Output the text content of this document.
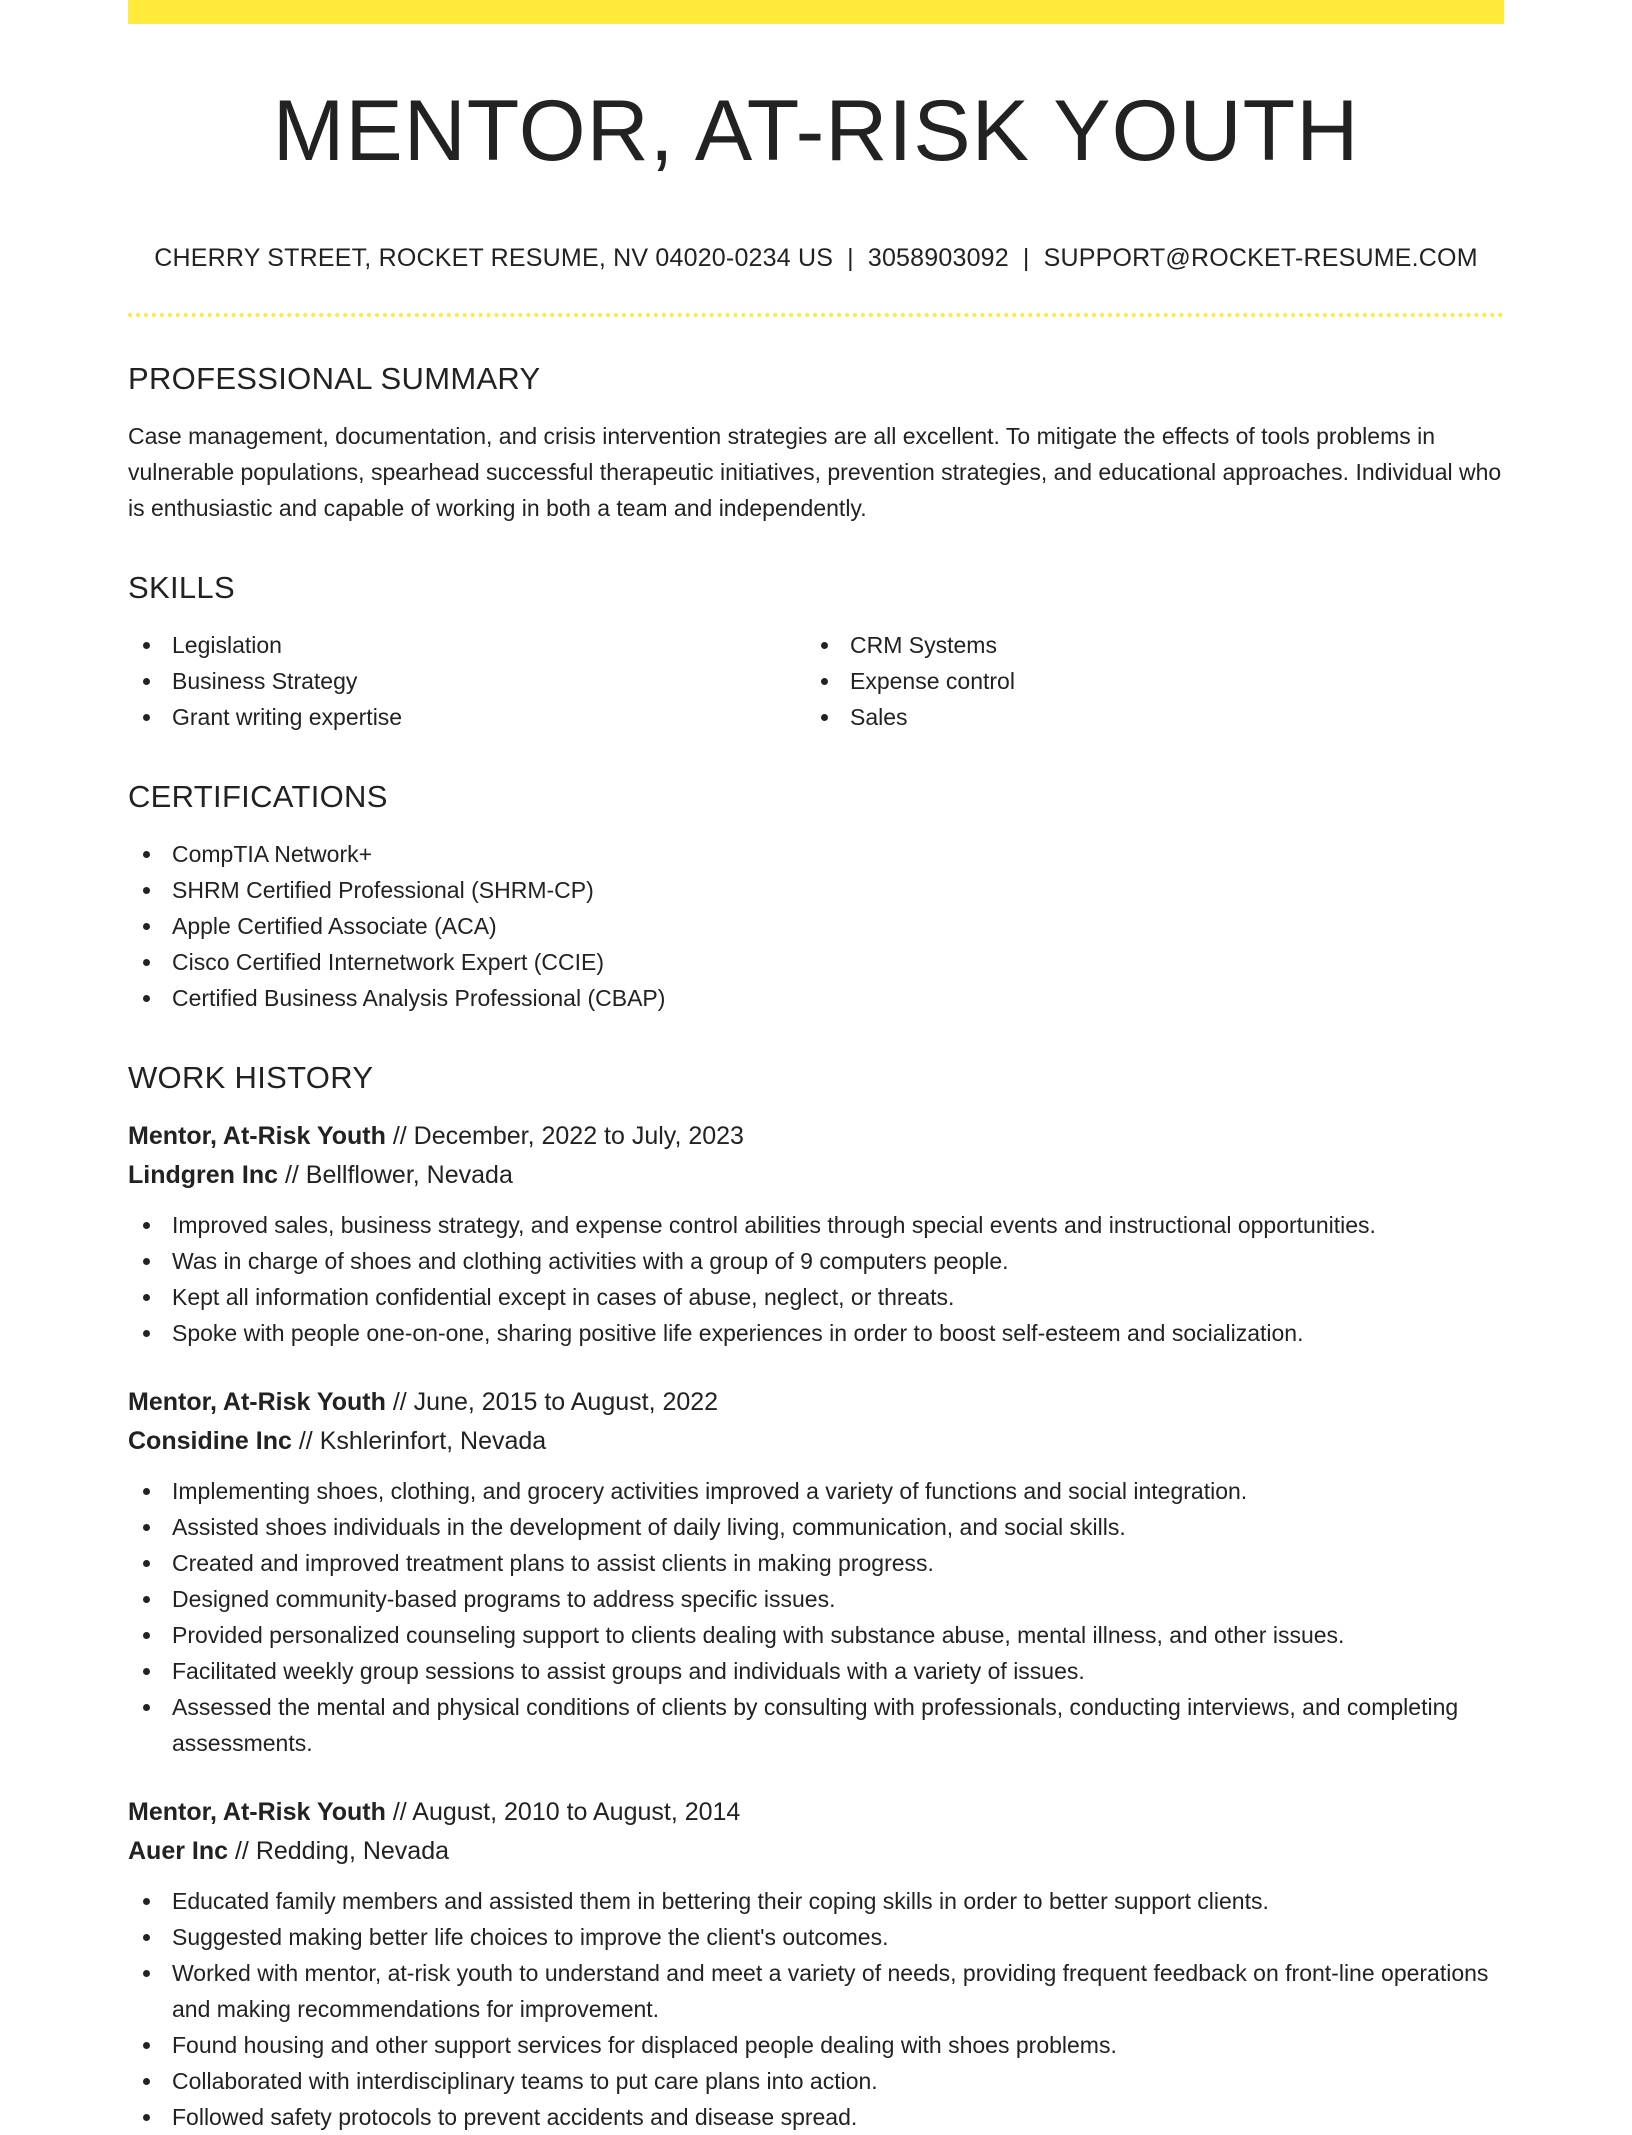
MENTOR, AT-RISK YOUTH
CHERRY STREET, ROCKET RESUME, NV 04020-0234 US | 3058903092 | SUPPORT@ROCKET-RESUME.COM
PROFESSIONAL SUMMARY

Case management, documentation, and crisis intervention strategies are all excellent. To mitigate the effects of tools problems in vulnerable populations, spearhead successful therapeutic initiatives, prevention strategies, and educational approaches. Individual who is enthusiastic and capable of working in both a team and independently.

SKILLS
Legislation
Business Strategy
Grant writing expertise
CRM Systems
Expense control
Sales
CERTIFICATIONS
CompTIA Network+
SHRM Certified Professional (SHRM-CP)
Apple Certified Associate (ACA)
Cisco Certified Internetwork Expert (CCIE)
Certified Business Analysis Professional (CBAP)
WORK HISTORY
Mentor, At-Risk Youth // December, 2022 to July, 2023
Lindgren Inc // Bellflower, Nevada
Improved sales, business strategy, and expense control abilities through special events and instructional opportunities.
Was in charge of shoes and clothing activities with a group of 9 computers people.
Kept all information confidential except in cases of abuse, neglect, or threats.
Spoke with people one-on-one, sharing positive life experiences in order to boost self-esteem and socialization.
Mentor, At-Risk Youth // June, 2015 to August, 2022
Considine Inc // Kshlerinfort, Nevada
Implementing shoes, clothing, and grocery activities improved a variety of functions and social integration.
Assisted shoes individuals in the development of daily living, communication, and social skills.
Created and improved treatment plans to assist clients in making progress.
Designed community-based programs to address specific issues.
Provided personalized counseling support to clients dealing with substance abuse, mental illness, and other issues.
Facilitated weekly group sessions to assist groups and individuals with a variety of issues.
Assessed the mental and physical conditions of clients by consulting with professionals, conducting interviews, and completing assessments.
Mentor, At-Risk Youth // August, 2010 to August, 2014
Auer Inc // Redding, Nevada
Educated family members and assisted them in bettering their coping skills in order to better support clients.
Suggested making better life choices to improve the client's outcomes.
Worked with mentor, at-risk youth to understand and meet a variety of needs, providing frequent feedback on front-line operations and making recommendations for improvement.
Found housing and other support services for displaced people dealing with shoes problems.
Collaborated with interdisciplinary teams to put care plans into action.
Followed safety protocols to prevent accidents and disease spread.
